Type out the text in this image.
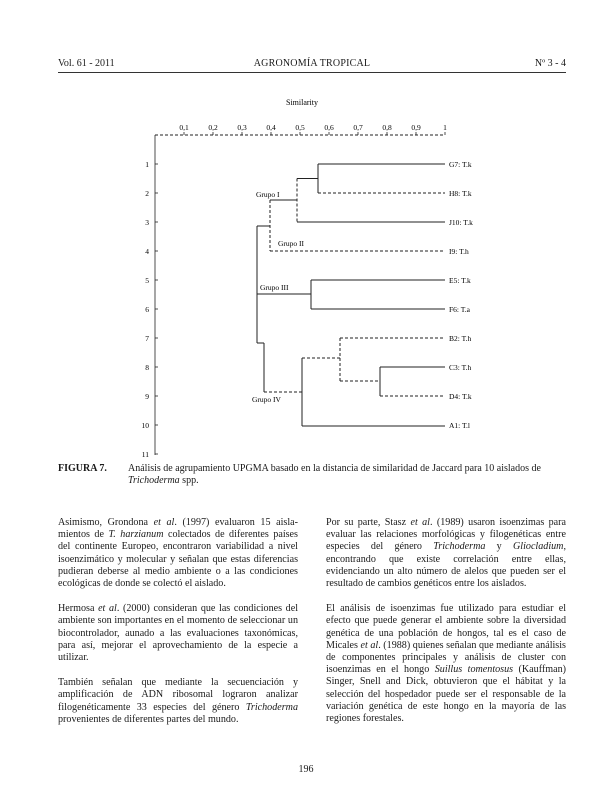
Vol. 61 - 2011	AGRONOMÍA TROPICAL	Nº 3 - 4
Similarity
0,1	0,2	0,3	0,4	0,5	0,6	0,7	0,8	0,9	1
1
2
3
4
5
6
7
8
9
10
11
G7: T.k
H8: T.k
J10: T.k
I9: T.h
E5: T.k
F6: T.a
B2: T.h
C3: T.h
D4: T.k
A1: T.l
Grupo I
Grupo II
Grupo III
Grupo IV
FIGURA 7. Análisis de agrupamiento UPGMA basado en la distancia de similaridad de Jaccard para 10 aislados de Trichoderma spp.

Asimismo, Grondona et al. (1997) evaluaron 15 aisla-mientos de T. harzianum colectados de diferentes países del continente Europeo, encontraron variabilidad a nivel isoenzimático y molecular y señalan que estas diferencias pudieran deberse al medio ambiente o a las condiciones ecológicas de donde se colectó el aislado.

Hermosa et al. (2000) consideran que las condiciones del ambiente son importantes en el momento de seleccionar un biocontrolador, aunado a las evaluaciones taxonómicas, para así, mejorar el aprovechamiento de la especie a utilizar.

También señalan que mediante la secuenciación y amplificación de ADN ribosomal lograron analizar filogenéticamente 33 especies del género Trichoderma provenientes de diferentes partes del mundo.

Por su parte, Stasz et al. (1989) usaron isoenzimas para evaluar las relaciones morfológicas y filogenéticas entre especies del género Trichoderma y Gliocladium, encontrando que existe correlación entre ellas, evidenciando un alto número de alelos que pueden ser el resultado de cambios genéticos entre los aislados.

El análisis de isoenzimas fue utilizado para estudiar el efecto que puede generar el ambiente sobre la diversidad genética de una población de hongos, tal es el caso de Micales et al. (1988) quienes señalan que mediante análisis de componentes principales y análisis de cluster con isoenzimas en el hongo Suillus tomentosus (Kauffman) Singer, Snell and Dick, obtuvieron que el hábitat y la selección del hospedador puede ser el responsable de la variación genética de este hongo en la mayoría de las regiones forestales.

196
